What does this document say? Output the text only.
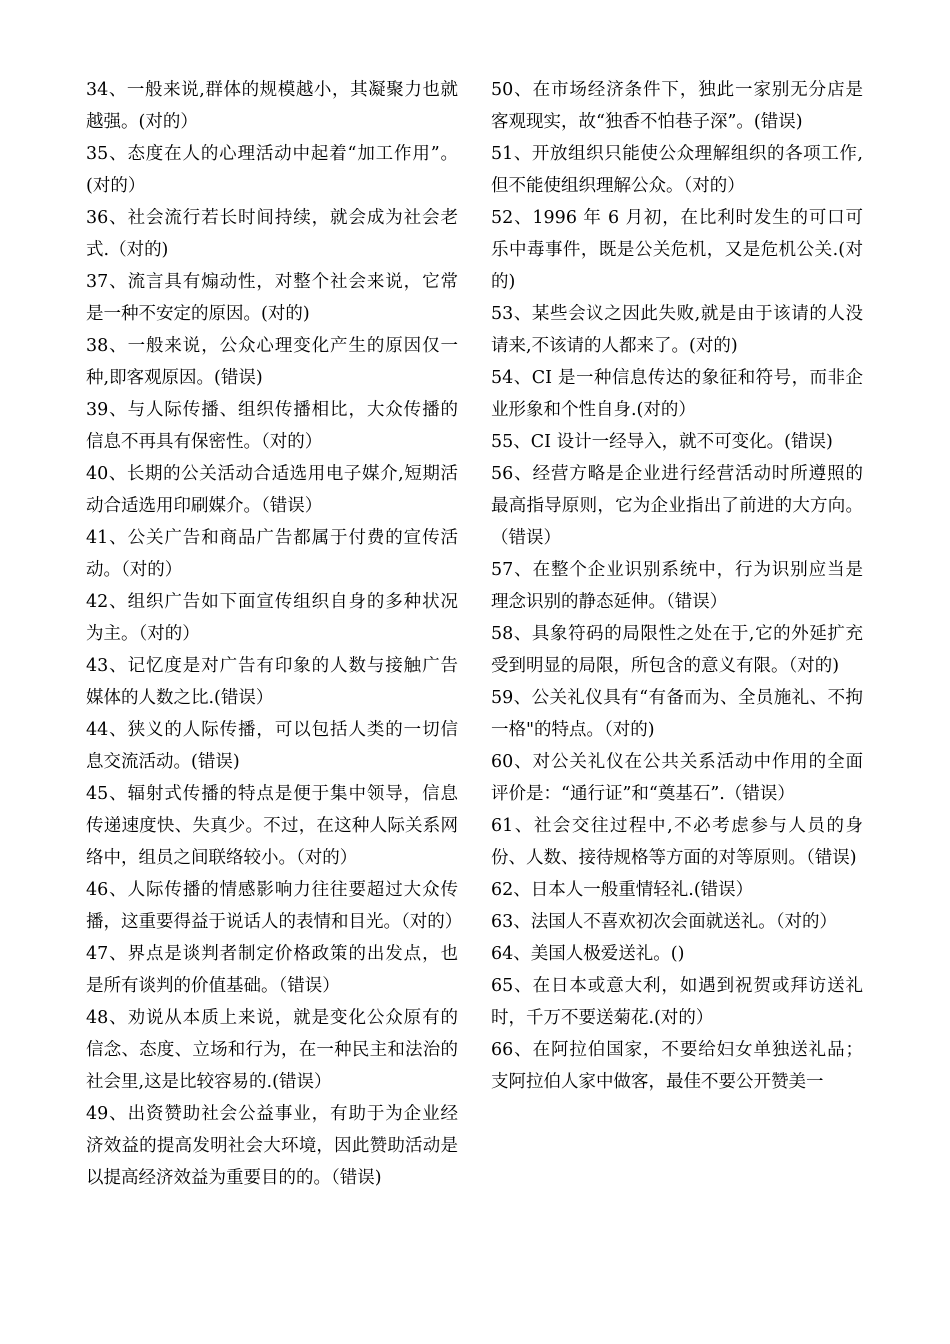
34、一般来说,群体的规模越小，其凝聚力也就越强。(对的）

35、态度在人的心理活动中起着“加工作用”。(对的）

36、社会流行若长时间持续，就会成为社会老式.（对的)

37、流言具有煽动性，对整个社会来说，它常是一种不安定的原因。(对的)

38、一般来说，公众心理变化产生的原因仅一种,即客观原因。(错误)

39、与人际传播、组织传播相比，大众传播的信息不再具有保密性。（对的）

40、长期的公关活动合适选用电子媒介,短期活动合适选用印刷媒介。（错误）

41、公关广告和商品广告都属于付费的宣传活动。（对的）

42、组织广告如下面宣传组织自身的多种状况为主。（对的）

43、记忆度是对广告有印象的人数与接触广告媒体的人数之比.(错误）

44、狭义的人际传播，可以包括人类的一切信息交流活动。(错误)

45、辐射式传播的特点是便于集中领导，信息传递速度快、失真少。不过，在这种人际关系网络中，组员之间联络较小。（对的）

46、人际传播的情感影响力往往要超过大众传播，这重要得益于说话人的表情和目光。（对的）

47、界点是谈判者制定价格政策的出发点，也是所有谈判的价值基础。（错误）

48、劝说从本质上来说，就是变化公众原有的信念、态度、立场和行为，在一种民主和法治的社会里,这是比较容易的.(错误）

49、出资赞助社会公益事业，有助于为企业经济效益的提高发明社会大环境，因此赞助活动是以提高经济效益为重要目的的。（错误)

50、在市场经济条件下，独此一家别无分店是客观现实，故“独香不怕巷子深”。(错误)

51、开放组织只能使公众理解组织的各项工作,但不能使组织理解公众。（对的）

52、1996 年 6 月初，在比利时发生的可口可乐中毒事件，既是公关危机，又是危机公关.(对的)

53、某些会议之因此失败,就是由于该请的人没请来,不该请的人都来了。(对的)

54、CI 是一种信息传达的象征和符号，而非企业形象和个性自身.(对的）

55、CI 设计一经导入，就不可变化。(错误)

56、经营方略是企业进行经营活动时所遵照的最高指导原则，它为企业指出了前进的大方向。（错误）

57、在整个企业识别系统中，行为识别应当是理念识别的静态延伸。（错误）

58、具象符码的局限性之处在于,它的外延扩充受到明显的局限，所包含的意义有限。（对的)

59、公关礼仪具有“有备而为、全员施礼、不拘一格"的特点。（对的)

60、对公关礼仪在公共关系活动中作用的全面评价是：“通行证”和“奠基石”.（错误）

61、社会交往过程中,不必考虑参与人员的身份、人数、接待规格等方面的对等原则。（错误)

62、日本人一般重情轻礼.(错误）

63、法国人不喜欢初次会面就送礼。（对的）

64、美国人极爱送礼。()

65、在日本或意大利，如遇到祝贺或拜访送礼时，千万不要送菊花.(对的）

66、在阿拉伯国家，不要给妇女单独送礼品；支阿拉伯人家中做客，最佳不要公开赞美一
